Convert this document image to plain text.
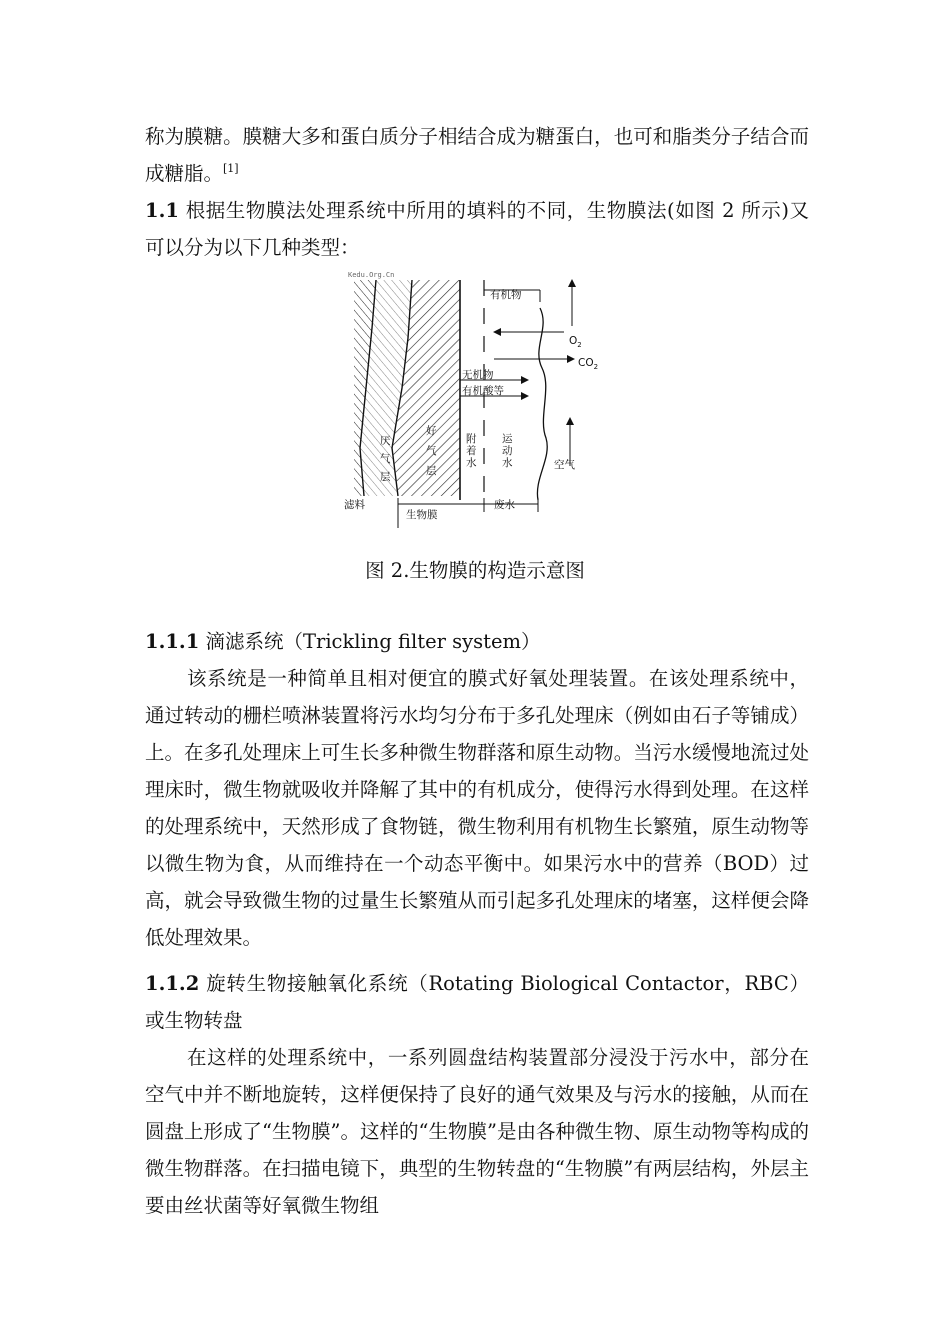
称为膜糖。膜糖大多和蛋白质分子相结合成为糖蛋白，也可和脂类分子结合而成糖脂。[1]

1.1 根据生物膜法处理系统中所用的填料的不同，生物膜法(如图 2 所示)又可以分为以下几种类型：

Kedu.Org.Cn
有机物
$O_2$
$CO_2$
无机物
有机酸等
厌
气
层
好
气
层
附
着
水
运
动
水	空气
滤料
生物膜
废水
图 2.生物膜的构造示意图

1.1.1 滴滤系统（Trickling filter system）

该系统是一种简单且相对便宜的膜式好氧处理装置。在该处理系统中，通过转动的栅栏喷淋装置将污水均匀分布于多孔处理床（例如由石子等铺成）上。在多孔处理床上可生长多种微生物群落和原生动物。当污水缓慢地流过处理床时，微生物就吸收并降解了其中的有机成分，使得污水得到处理。在这样的处理系统中，天然形成了食物链，微生物利用有机物生长繁殖，原生动物等以微生物为食，从而维持在一个动态平衡中。如果污水中的营养（BOD）过高，就会导致微生物的过量生长繁殖从而引起多孔处理床的堵塞，这样便会降低处理效果。

1.1.2 旋转生物接触氧化系统（Rotating Biological Contactor，RBC）或生物转盘

在这样的处理系统中，一系列圆盘结构装置部分浸没于污水中，部分在空气中并不断地旋转，这样便保持了良好的通气效果及与污水的接触，从而在圆盘上形成了“生物膜”。这样的“生物膜”是由各种微生物、原生动物等构成的微生物群落。在扫描电镜下，典型的生物转盘的“生物膜”有两层结构，外层主要由丝状菌等好氧微生物组
